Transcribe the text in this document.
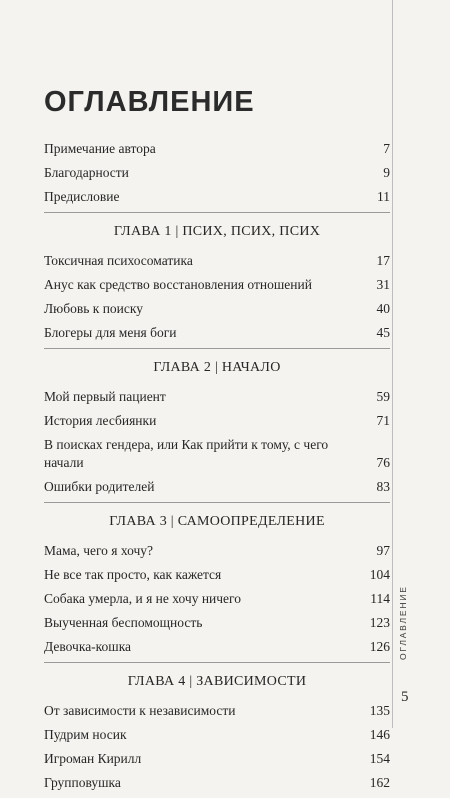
ОГЛАВЛЕНИЕ
Примечание автора	7
Благодарности	9
Предисловие	11
ГЛАВА 1 | ПСИХ, ПСИХ, ПСИХ
Токсичная психосоматика	17
Анус как средство восстановления отношений	31
Любовь к поиску	40
Блогеры для меня боги	45
ГЛАВА 2 | НАЧАЛО
Мой первый пациент	59
История лесбиянки	71
В поисках гендера, или Как прийти к тому, с чего начали	76
Ошибки родителей	83
ГЛАВА 3 | САМООПРЕДЕЛЕНИЕ
Мама, чего я хочу?	97
Не все так просто, как кажется	104
Собака умерла, и я не хочу ничего	114
Выученная беспомощность	123
Девочка-кошка	126
ГЛАВА 4 | ЗАВИСИМОСТИ
От зависимости к независимости	135
Пудрим носик	146
Игроман Кирилл	154
Групповушка	162
ОГЛАВЛЕНИЕ
5
